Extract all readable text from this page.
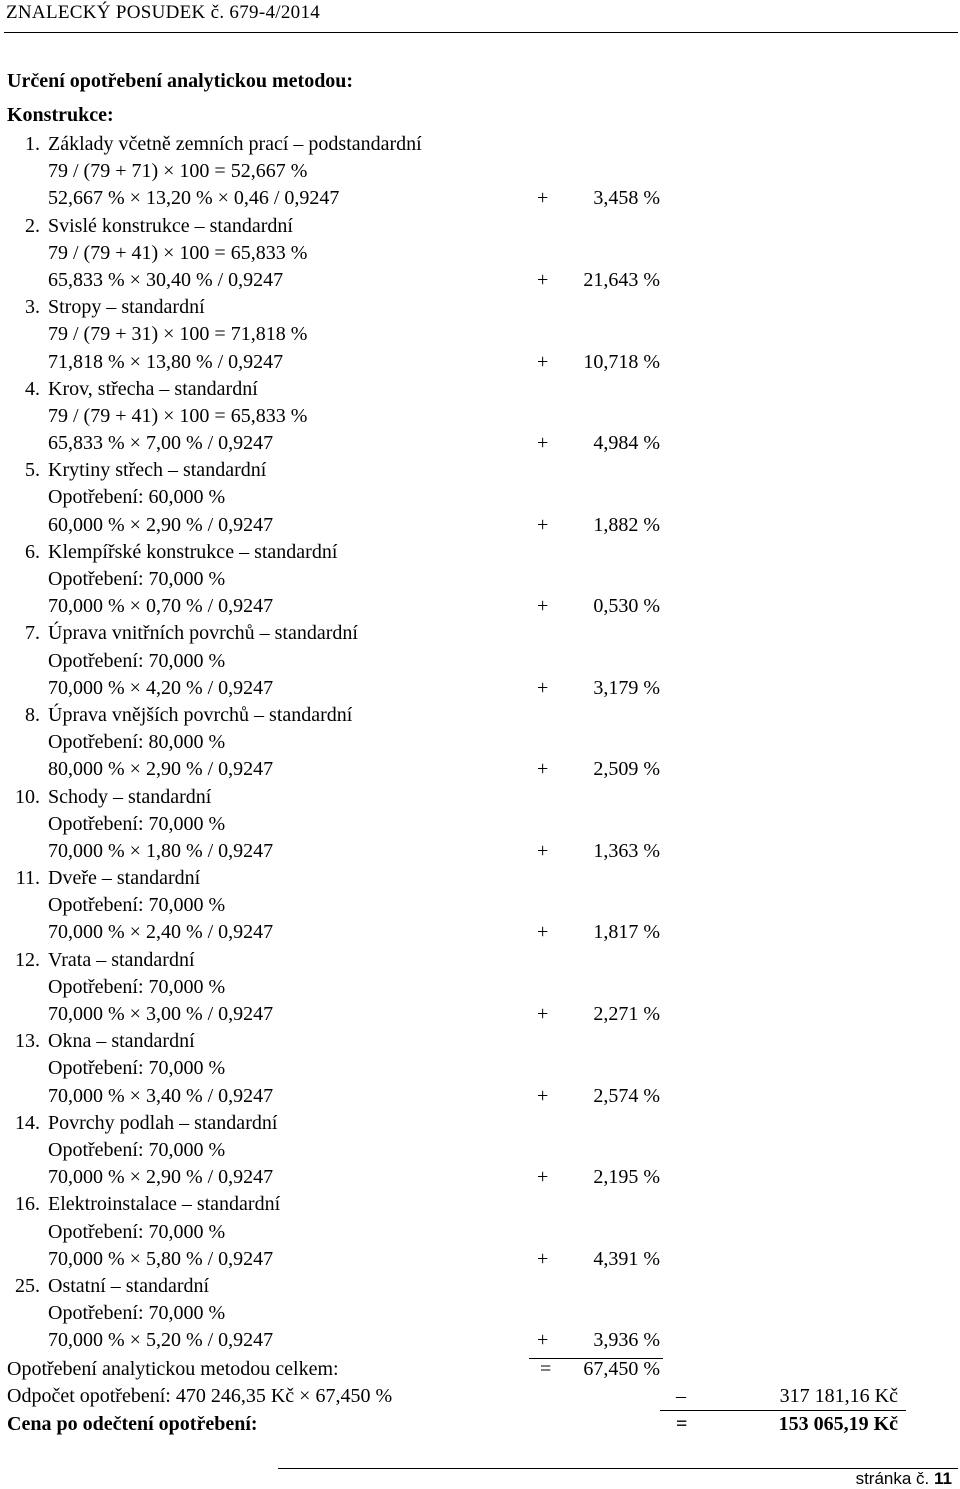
ZNALECKÝ POSUDEK č. 679-4/2014
Určení opotřebení analytickou metodou:
Konstrukce:
1. Základy včetně zemních prací – podstandardní
79 / (79 + 71) × 100 = 52,667 %
52,667 % × 13,20 % × 0,46 / 0,9247	+ 3,458 %
2. Svislé konstrukce – standardní
79 / (79 + 41) × 100 = 65,833 %
65,833 % × 30,40 % / 0,9247	+ 21,643 %
3. Stropy – standardní
79 / (79 + 31) × 100 = 71,818 %
71,818 % × 13,80 % / 0,9247	+ 10,718 %
4. Krov, střecha – standardní
79 / (79 + 41) × 100 = 65,833 %
65,833 % × 7,00 % / 0,9247	+ 4,984 %
5. Krytiny střech – standardní
Opotřebení: 60,000 %
60,000 % × 2,90 % / 0,9247	+ 1,882 %
6. Klempířské konstrukce – standardní
Opotřebení: 70,000 %
70,000 % × 0,70 % / 0,9247	+ 0,530 %
7. Úprava vnitřních povrchů – standardní
Opotřebení: 70,000 %
70,000 % × 4,20 % / 0,9247	+ 3,179 %
8. Úprava vnějších povrchů – standardní
Opotřebení: 80,000 %
80,000 % × 2,90 % / 0,9247	+ 2,509 %
10. Schody – standardní
Opotřebení: 70,000 %
70,000 % × 1,80 % / 0,9247	+ 1,363 %
11. Dveře – standardní
Opotřebení: 70,000 %
70,000 % × 2,40 % / 0,9247	+ 1,817 %
12. Vrata – standardní
Opotřebení: 70,000 %
70,000 % × 3,00 % / 0,9247	+ 2,271 %
13. Okna – standardní
Opotřebení: 70,000 %
70,000 % × 3,40 % / 0,9247	+ 2,574 %
14. Povrchy podlah – standardní
Opotřebení: 70,000 %
70,000 % × 2,90 % / 0,9247	+ 2,195 %
16. Elektroinstalace – standardní
Opotřebení: 70,000 %
70,000 % × 5,80 % / 0,9247	+ 4,391 %
25. Ostatní – standardní
Opotřebení: 70,000 %
70,000 % × 5,20 % / 0,9247	+ 3,936 %
Opotřebení analytickou metodou celkem:	= 67,450 %
Odpočet opotřebení: 470 246,35 Kč × 67,450 %	–	317 181,16 Kč
Cena po odečtení opotřebení:	=	153 065,19 Kč
stránka č. 11
